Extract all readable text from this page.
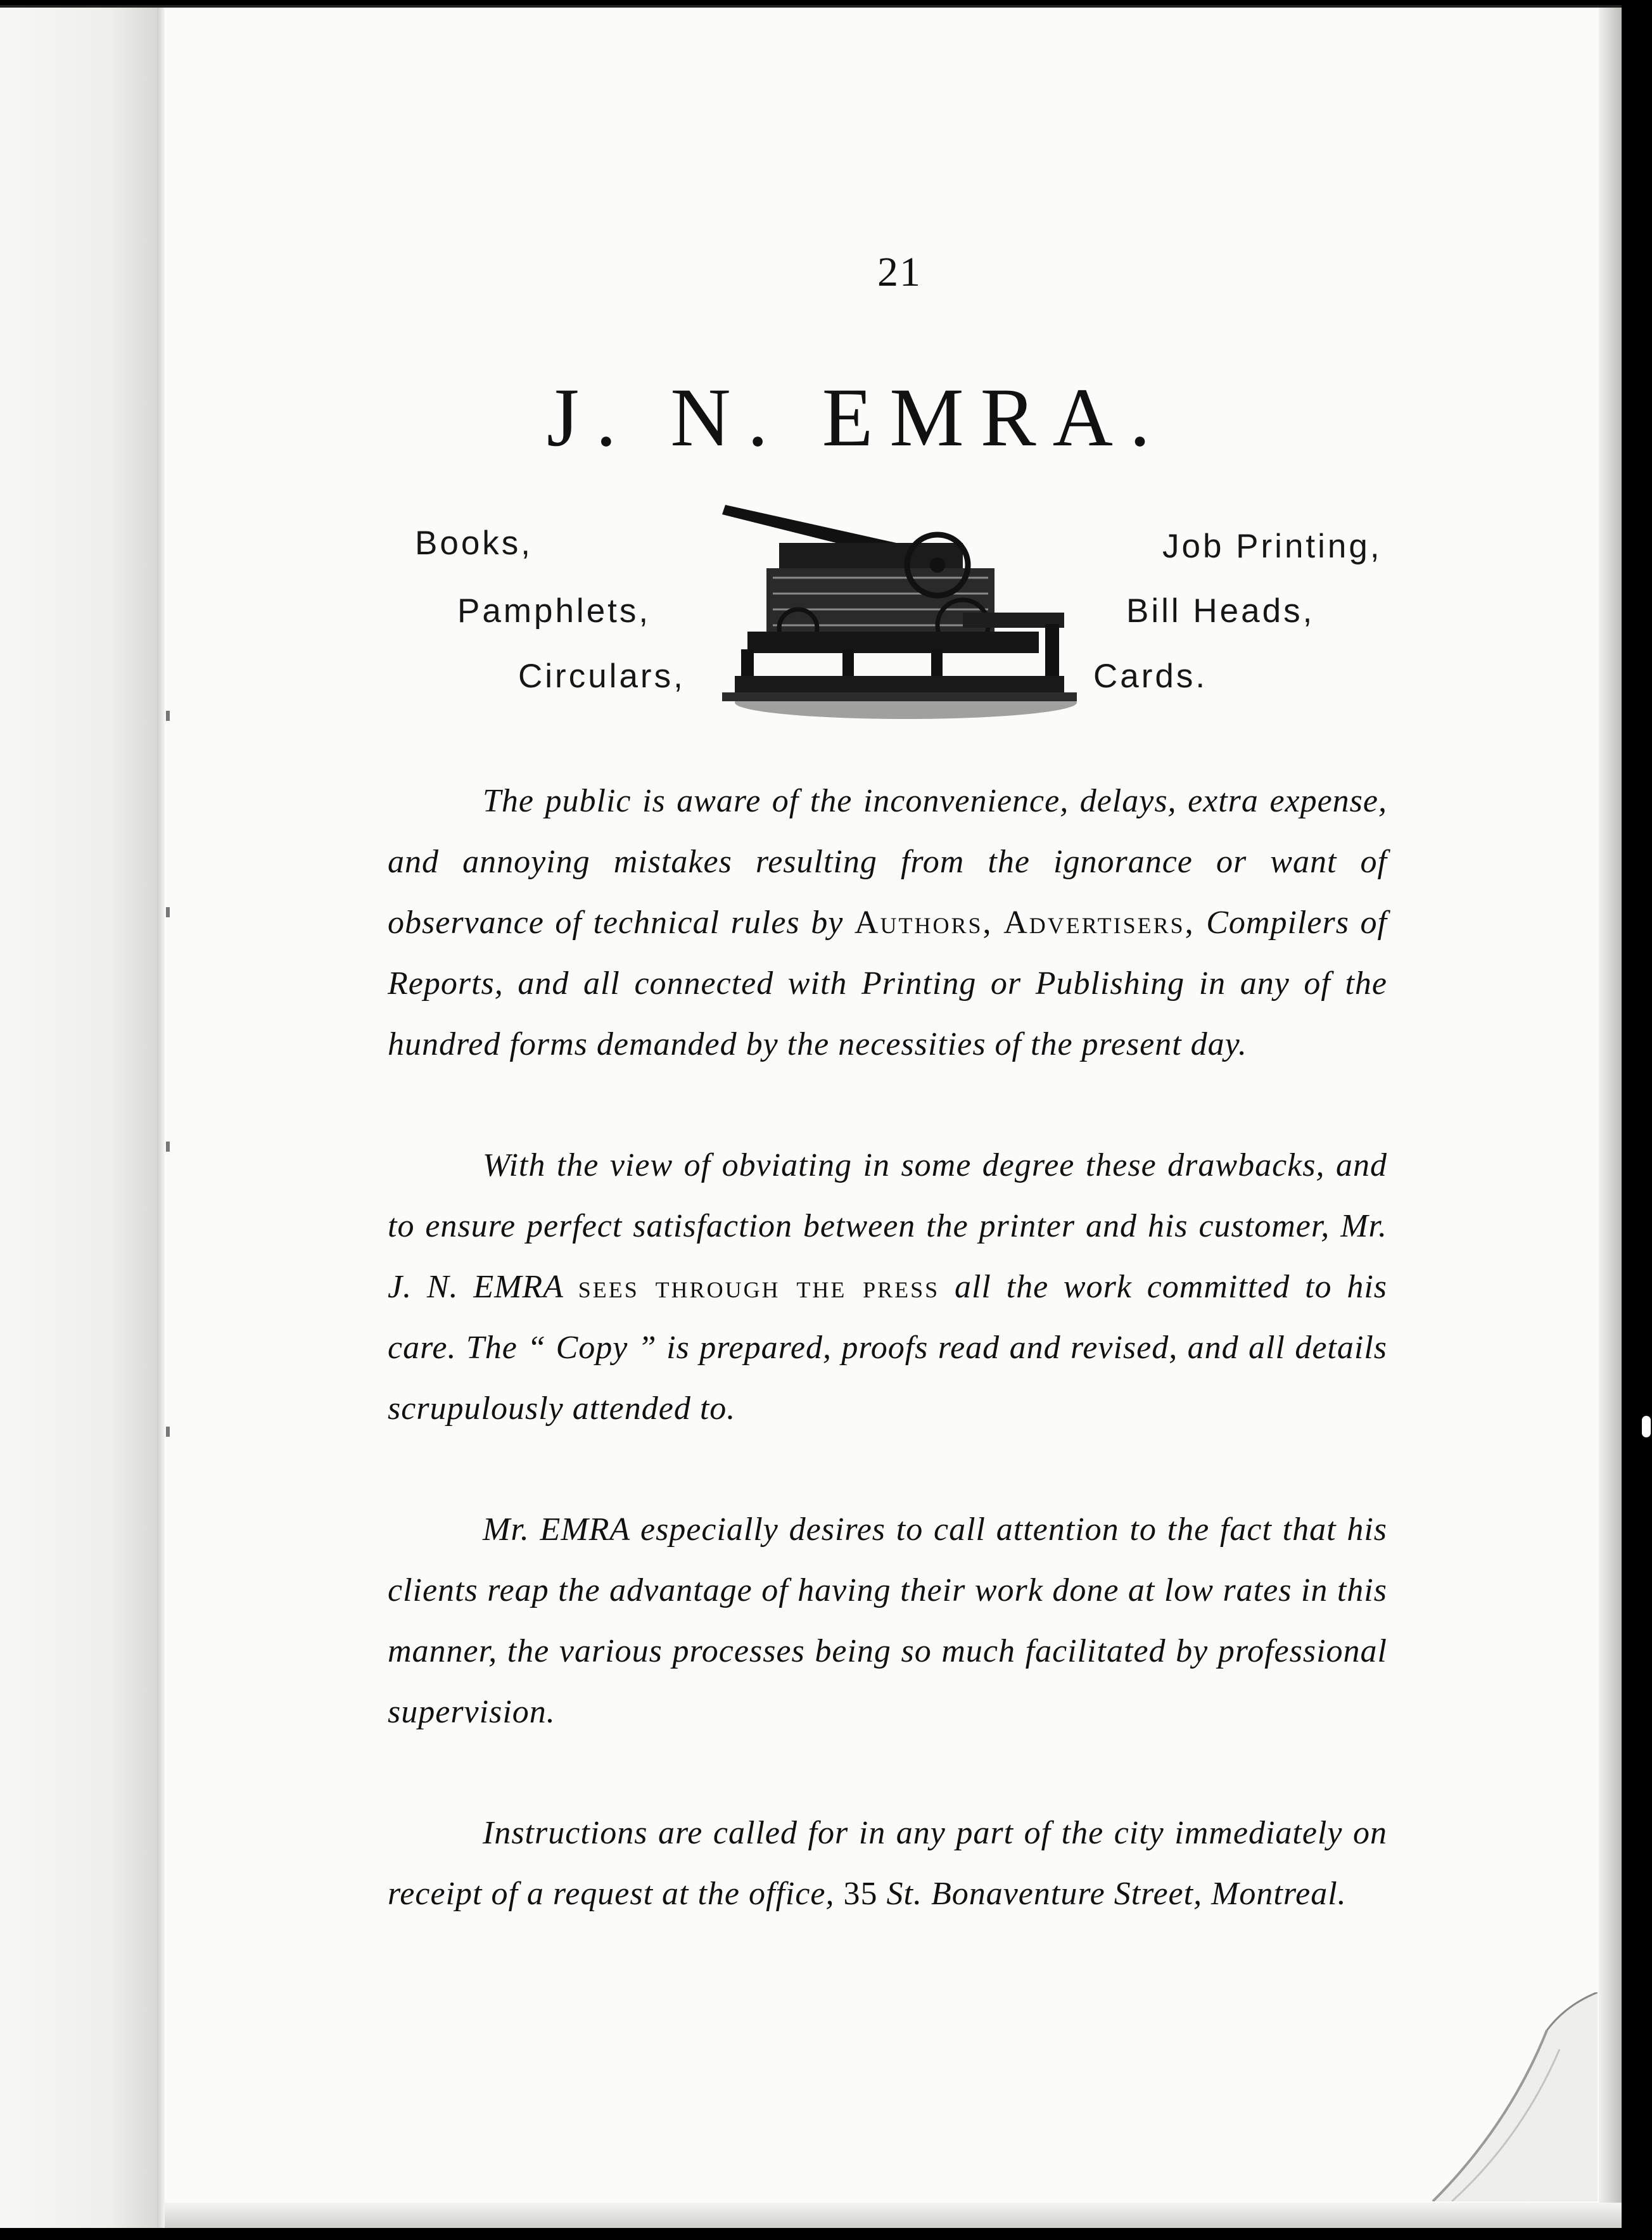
21
J. N. EMRA.
Books,
Pamphlets,
Circulars,
Job Printing,
Bill Heads,
Cards.

The public is aware of the inconvenience, delays, extra expense, and annoying mistakes resulting from the ignorance or want of observance of technical rules by Authors, Advertisers, Compilers of Reports, and all connected with Printing or Publishing in any of the hundred forms demanded by the necessities of the present day.

With the view of obviating in some degree these drawbacks, and to ensure perfect satisfaction between the printer and his customer, Mr. J. N. EMRA sees through the press all the work committed to his care. The “ Copy ” is prepared, proofs read and revised, and all details scrupulously attended to.

Mr. EMRA especially desires to call attention to the fact that his clients reap the advantage of having their work done at low rates in this manner, the various processes being so much facilitated by professional supervision.

Instructions are called for in any part of the city immediately on receipt of a request at the office, 35 St. Bonaventure Street, Montreal.
